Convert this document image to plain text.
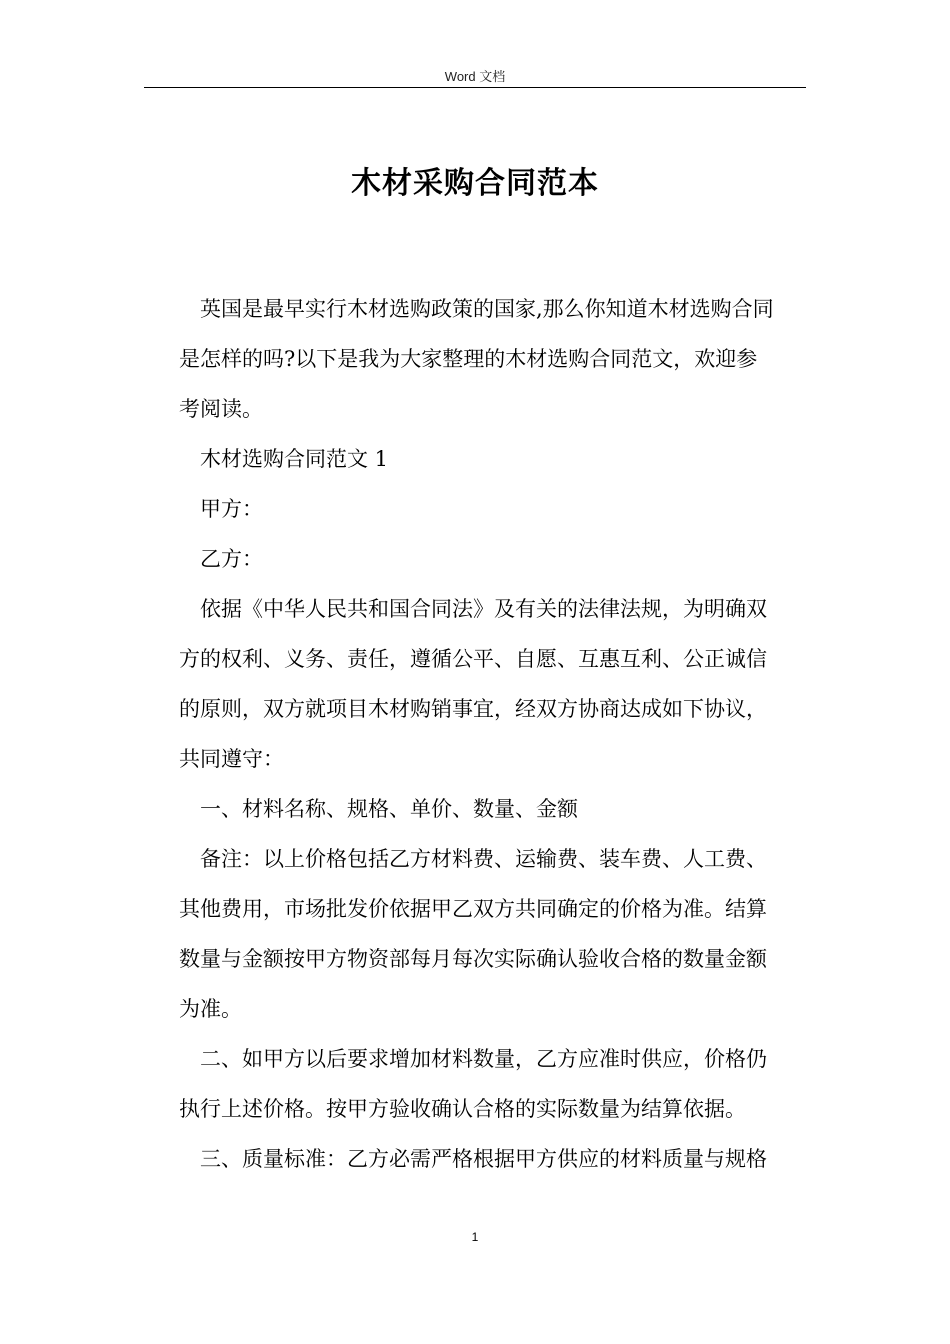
Word 文档
木材采购合同范本

英国是最早实行木材选购政策的国家,那么你知道木材选购合同

是怎样的吗?以下是我为大家整理的木材选购合同范文，欢迎参

考阅读。

木材选购合同范文 1

甲方：

乙方：

依据《中华人民共和国合同法》及有关的法律法规，为明确双

方的权利、义务、责任，遵循公平、自愿、互惠互利、公正诚信

的原则，双方就项目木材购销事宜，经双方协商达成如下协议，

共同遵守：

一、材料名称、规格、单价、数量、金额

备注：以上价格包括乙方材料费、运输费、装车费、人工费、

其他费用，市场批发价依据甲乙双方共同确定的价格为准。结算

数量与金额按甲方物资部每月每次实际确认验收合格的数量金额

为准。

二、如甲方以后要求增加材料数量，乙方应准时供应，价格仍

执行上述价格。按甲方验收确认合格的实际数量为结算依据。

三、质量标准：乙方必需严格根据甲方供应的材料质量与规格

1
